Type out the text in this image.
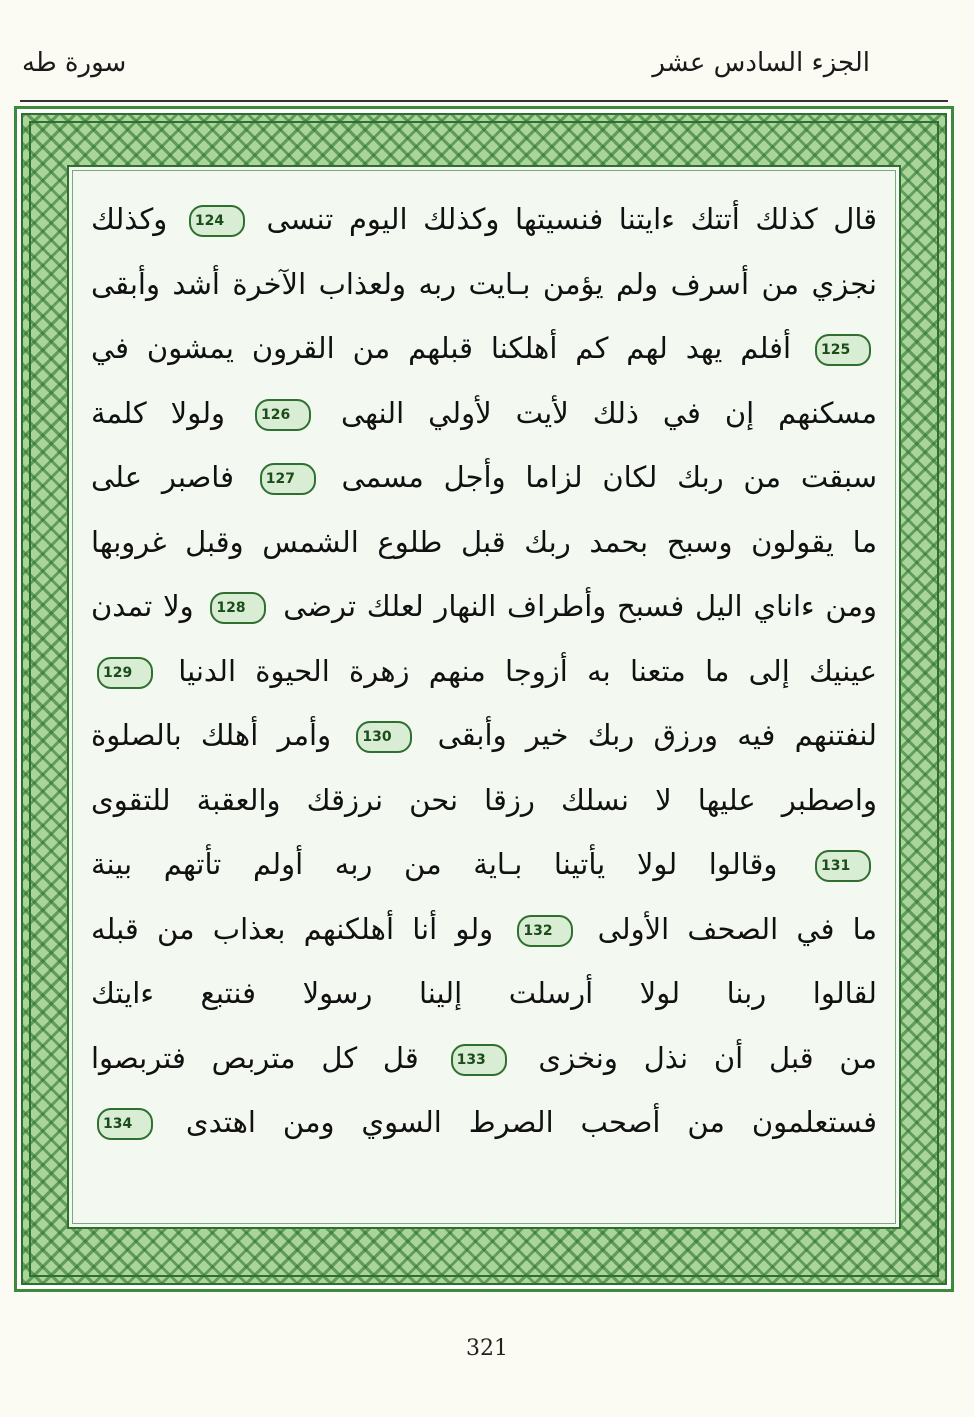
سورة طه	الجزء السادس عشر
قال كذلك أتتك ءايتنا فنسيتها وكذلك اليوم تنسى 124 وكذلك
نجزي من أسرف ولم يؤمن بـايت ربه ولعذاب الآخرة أشد وأبقى
125 أفلم يهد لهم كم أهلكنا قبلهم من القرون يمشون في
مسكنهم إن في ذلك لأيت لأولي النهى 126 ولولا كلمة
سبقت من ربك لكان لزاما وأجل مسمى 127 فاصبر على
ما يقولون وسبح بحمد ربك قبل طلوع الشمس وقبل غروبها
ومن ءاناي اليل فسبح وأطراف النهار لعلك ترضى 128 ولا تمدن
عينيك إلى ما متعنا به أزوجا منهم زهرة الحيوة الدنيا 129
لنفتنهم فيه ورزق ربك خير وأبقى 130 وأمر أهلك بالصلوة
واصطبر عليها لا نسلك رزقا نحن نرزقك والعقبة للتقوى
131 وقالوا لولا يأتينا بـاية من ربه أولم تأتهم بينة
ما في الصحف الأولى 132 ولو أنا أهلكنهم بعذاب من قبله
لقالوا ربنا لولا أرسلت إلينا رسولا فنتبع ءايتك
من قبل أن نذل ونخزى 133 قل كل متربص فتربصوا
فستعلمون من أصحب الصرط السوي ومن اهتدى 134
321
